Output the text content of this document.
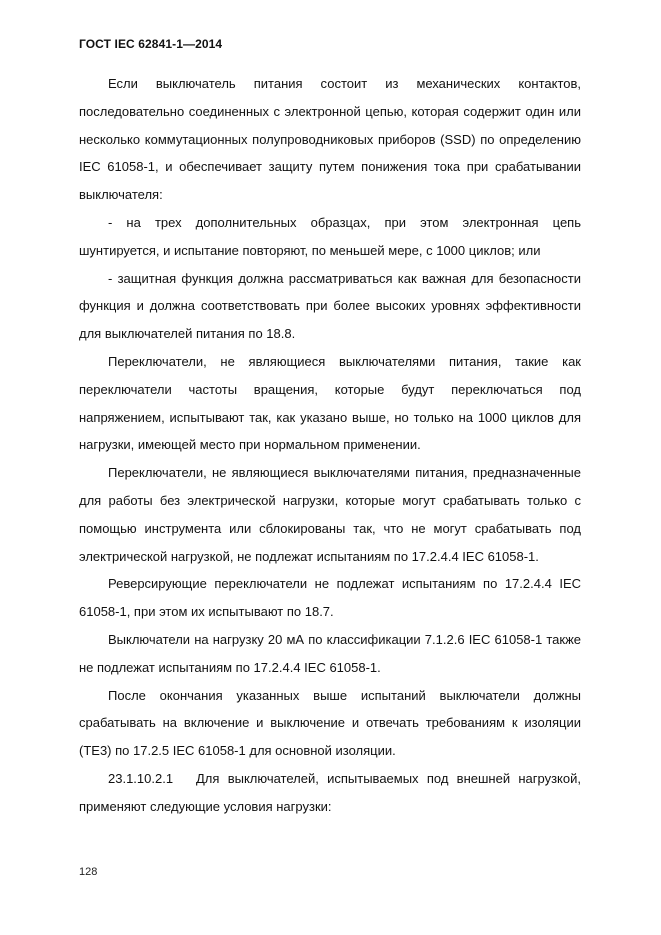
ГОСТ IEC 62841-1—2014

Если выключатель питания состоит из механических контактов, последовательно соединенных с электронной цепью, которая содержит один или несколько коммутационных полупроводниковых приборов (SSD) по определению IEC 61058-1, и обеспечивает защиту путем понижения тока при срабатывании выключателя:

- на трех дополнительных образцах, при этом электронная цепь шунтируется, и испытание повторяют, по меньшей мере, с 1000 циклов; или

- защитная функция должна рассматриваться как важная для безопасности функция и должна соответствовать при более высоких уровнях эффективности для выключателей питания по 18.8.

Переключатели, не являющиеся выключателями питания, такие как переключатели частоты вращения, которые будут переключаться под напряжением, испытывают так, как указано выше, но только на 1000 циклов для нагрузки, имеющей место при нормальном применении.

Переключатели, не являющиеся выключателями питания, предназначенные для работы без электрической нагрузки, которые могут срабатывать только с помощью инструмента или сблокированы так, что не могут срабатывать под электрической нагрузкой, не подлежат испытаниям по 17.2.4.4 IEC 61058-1.

Реверсирующие переключатели не подлежат испытаниям по 17.2.4.4 IEC 61058-1, при этом их испытывают по 18.7.

Выключатели на нагрузку 20 мА по классификации 7.1.2.6 IEC 61058-1 также не подлежат испытаниям по 17.2.4.4 IEC 61058-1.

После окончания указанных выше испытаний выключатели должны срабатывать на включение и выключение и отвечать требованиям к изоляции (ТЕ3) по 17.2.5 IEC 61058-1 для основной изоляции.

23.1.10.2.1 Для выключателей, испытываемых под внешней нагрузкой, применяют следующие условия нагрузки:

128
